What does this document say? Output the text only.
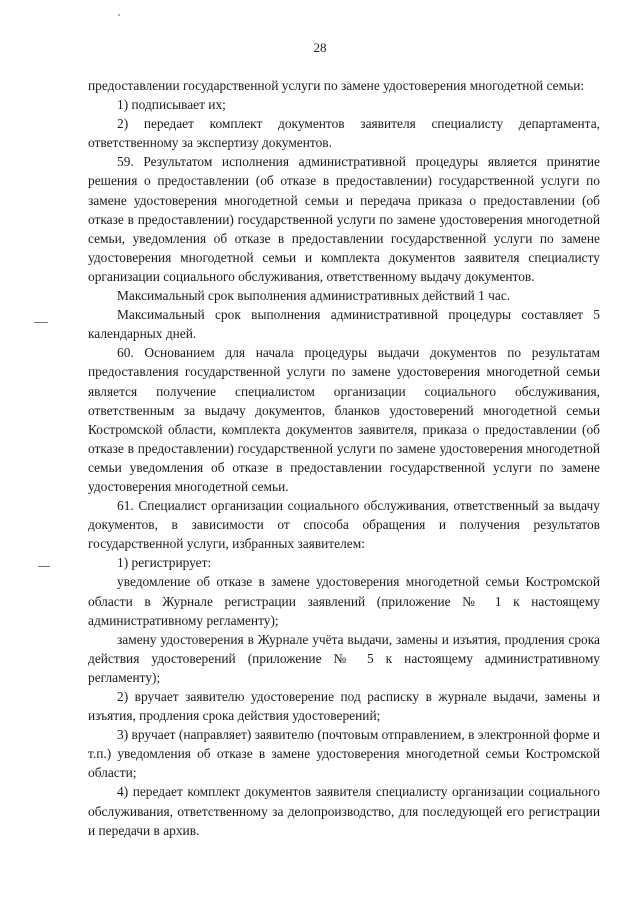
28

предоставлении государственной услуги по замене удостоверения многодетной семьи:

1) подписывает их;

2) передает комплект документов заявителя специалисту департамента, ответственному за экспертизу документов.

59. Результатом исполнения административной процедуры является принятие решения о предоставлении (об отказе в предоставлении) государственной услуги по замене удостоверения многодетной семьи и передача приказа о предоставлении (об отказе в предоставлении) государственной услуги по замене удостоверения многодетной семьи, уведомления об отказе в предоставлении государственной услуги по замене удостоверения многодетной семьи и комплекта документов заявителя специалисту организации социального обслуживания, ответственному выдачу документов.

Максимальный срок выполнения административных действий 1 час.

Максимальный срок выполнения административной процедуры составляет 5 календарных дней.

60. Основанием для начала процедуры выдачи документов по результатам предоставления государственной услуги по замене удостоверения многодетной семьи является получение специалистом организации социального обслуживания, ответственным за выдачу документов, бланков удостоверений многодетной семьи Костромской области, комплекта документов заявителя, приказа о предоставлении (об отказе в предоставлении) государственной услуги по замене удостоверения многодетной семьи уведомления об отказе в предоставлении государственной услуги по замене удостоверения многодетной семьи.

61. Специалист организации социального обслуживания, ответственный за выдачу документов, в зависимости от способа обращения и получения результатов государственной услуги, избранных заявителем:

1) регистрирует:

уведомление об отказе в замене удостоверения многодетной семьи Костромской области в Журнале регистрации заявлений (приложение № 1 к настоящему административному регламенту);

замену удостоверения в Журнале учёта выдачи, замены и изъятия, продления срока действия удостоверений (приложение № 5 к настоящему административному регламенту);

2) вручает заявителю удостоверение под расписку в журнале выдачи, замены и изъятия, продления срока действия удостоверений;

3) вручает (направляет) заявителю (почтовым отправлением, в электронной форме и т.п.) уведомления об отказе в замене удостоверения многодетной семьи Костромской области;

4) передает комплект документов заявителя специалисту организации социального обслуживания, ответственному за делопроизводство, для последующей его регистрации и передачи в архив.
